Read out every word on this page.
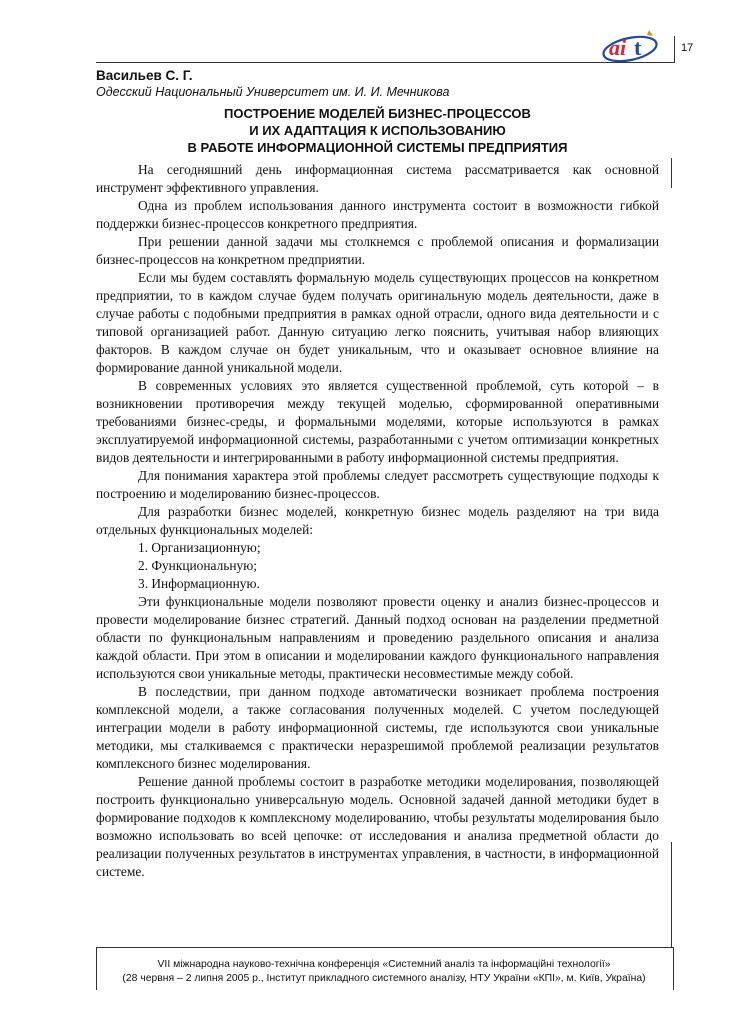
17
ai t
Васильев С. Г.
Одесский Национальный Университет им. И. И. Мечникова
ПОСТРОЕНИЕ МОДЕЛЕЙ БИЗНЕС-ПРОЦЕССОВ
И ИХ АДАПТАЦИЯ К ИСПОЛЬЗОВАНИЮ
В РАБОТЕ ИНФОРМАЦИОННОЙ СИСТЕМЫ ПРЕДПРИЯТИЯ

На сегодняшний день информационная система рассматривается как основной инструмент эффективного управления.

Одна из проблем использования данного инструмента состоит в возможности гибкой поддержки бизнес-процессов конкретного предприятия.

При решении данной задачи мы столкнемся с проблемой описания и формализации бизнес-процессов на конкретном предприятии.

Если мы будем составлять формальную модель существующих процессов на конкретном предприятии, то в каждом случае будем получать оригинальную модель деятельности, даже в случае работы с подобными предприятия в рамках одной отрасли, одного вида деятельности и с типовой организацией работ. Данную ситуацию легко пояснить, учитывая набор влияющих факторов. В каждом случае он будет уникальным, что и оказывает основное влияние на формирование данной уникальной модели.

В современных условиях это является существенной проблемой, суть которой – в возникновении противоречия между текущей моделью, сформированной оперативными требованиями бизнес-среды, и формальными моделями, которые используются в рамках эксплуатируемой информационной системы, разработанными с учетом оптимизации конкретных видов деятельности и интегрированными в работу информационной системы предприятия.

Для понимания характера этой проблемы следует рассмотреть существующие подходы к построению и моделированию бизнес-процессов.

Для разработки бизнес моделей, конкретную бизнес модель разделяют на три вида отдельных функциональных моделей:

1. Организационную;

2. Функциональную;

3. Информационную.

Эти функциональные модели позволяют провести оценку и анализ бизнес-процессов и провести моделирование бизнес стратегий. Данный подход основан на разделении предметной области по функциональным направлениям и проведению раздельного описания и анализа каждой области. При этом в описании и моделировании каждого функционального направления используются свои уникальные методы, практически несовместимые между собой.

В последствии, при данном подходе автоматически возникает проблема построения комплексной модели, а также согласования полученных моделей. С учетом последующей интеграции модели в работу информационной системы, где используются свои уникальные методики, мы сталкиваемся с практически неразрешимой проблемой реализации результатов комплексного бизнес моделирования.

Решение данной проблемы состоит в разработке методики моделирования, позволяющей построить функционально универсальную модель. Основной задачей данной методики будет в формирование подходов к комплексному моделированию, чтобы результаты моделирования было возможно использовать во всей цепочке: от исследования и анализа предметной области до реализации полученных результатов в инструментах управления, в частности, в информационной системе.

VII міжнародна науково-технічна конференція «Системний аналіз та інформаційні технології»
(28 червня – 2 липня 2005 р., Інститут прикладного системного аналізу, НТУ України «КПІ», м. Київ, Україна)
